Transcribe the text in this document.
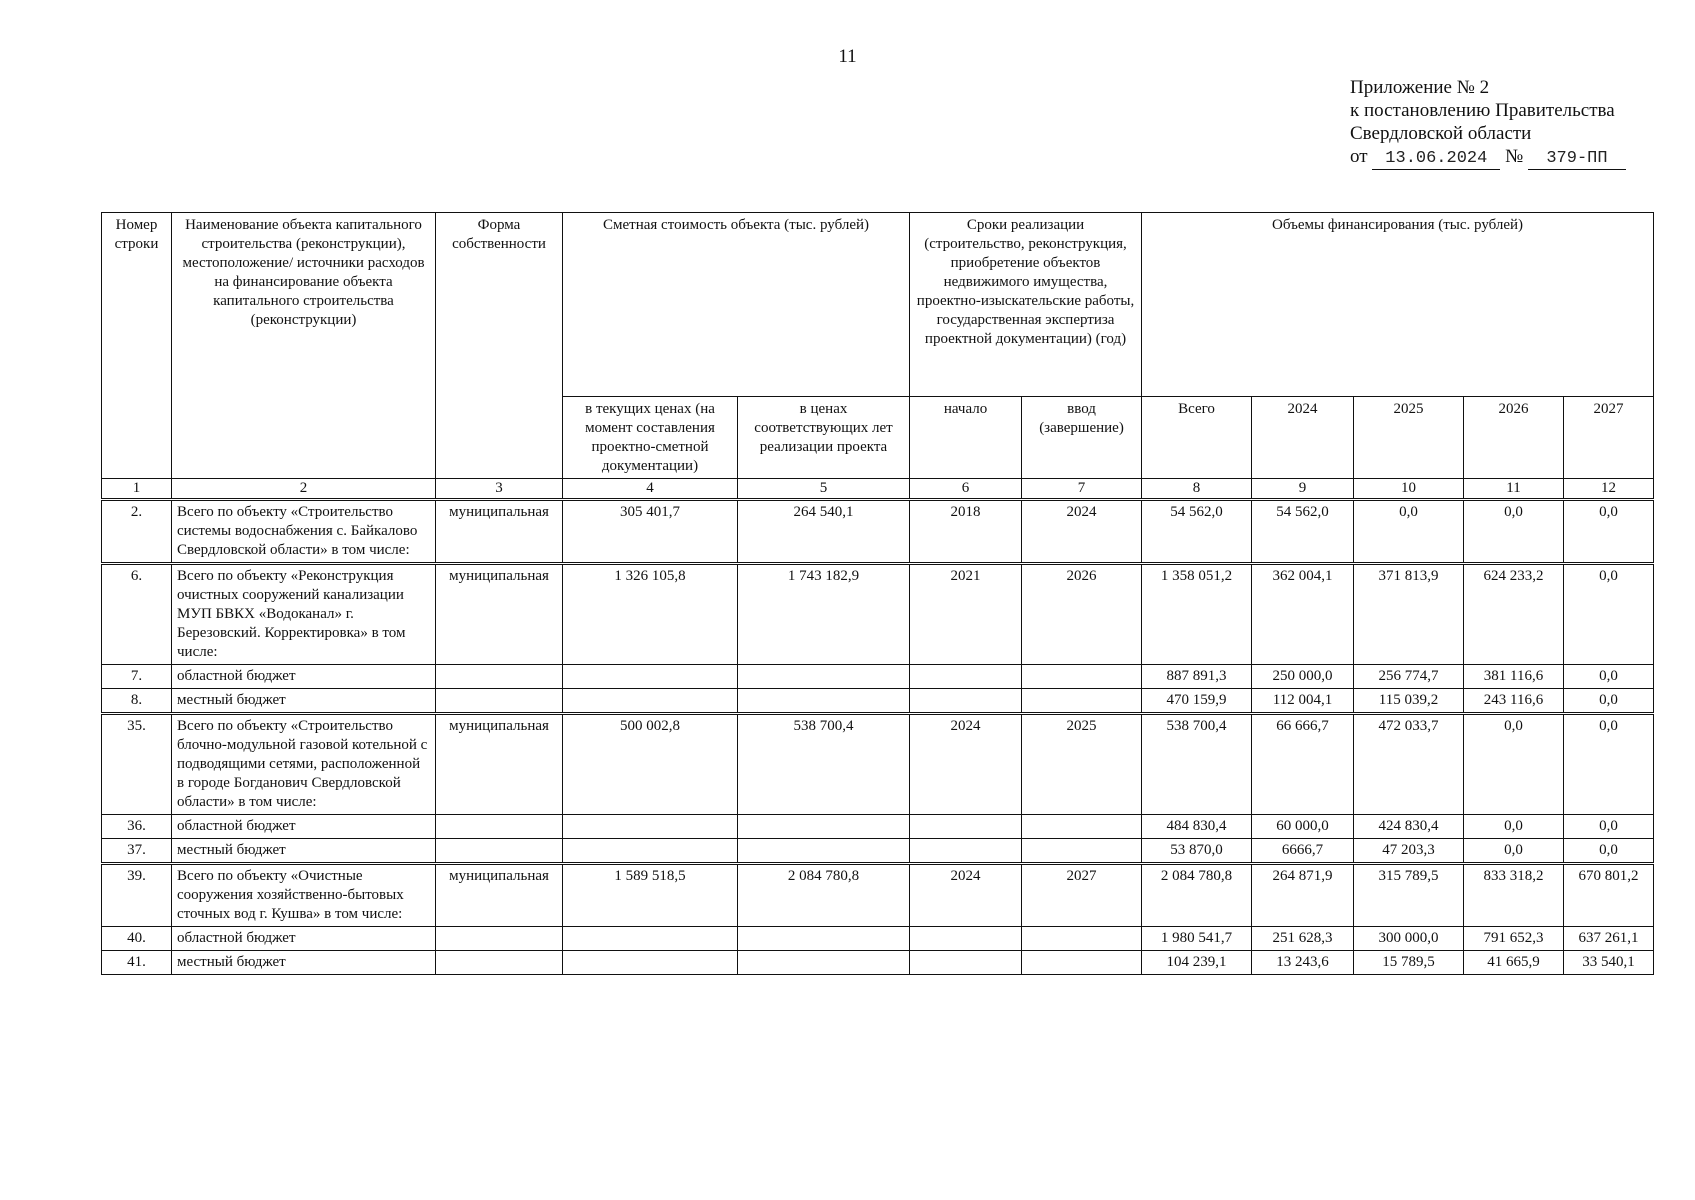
11
Приложение № 2
к постановлению Правительства
Свердловской области
от 13.06.2024 № 379-ПП
Номер строки	Наименование объекта капитального строительства (реконструкции), местоположение/ источники расходов на финансирование объекта капитального строительства (реконструкции)	Форма собственности	Сметная стоимость объекта (тыс. рублей)		Сроки реализации (строительство, реконструкция, приобретение объектов недвижимого имущества, проектно-изыскательские работы, государственная экспертиза проектной документации) (год)		Объемы финансирования (тыс. рублей)				
			в текущих ценах (на момент составления проектно-сметной документации)	в ценах соответствующих лет реализации проекта	начало	ввод (завершение)	Всего	2024	2025	2026	2027
1	2	3	4	5	6	7	8	9	10	11	12
2.	Всего по объекту «Строительство системы водоснабжения с. Байкалово Свердловской области» в том числе:	муниципальная	305 401,7	264 540,1	2018	2024	54 562,0	54 562,0	0,0	0,0	0,0
6.	Всего по объекту «Реконструкция очистных сооружений канализации МУП БВКХ «Водоканал» г. Березовский. Корректировка» в том числе:	муниципальная	1 326 105,8	1 743 182,9	2021	2026	1 358 051,2	362 004,1	371 813,9	624 233,2	0,0
7.	областной бюджет						887 891,3	250 000,0	256 774,7	381 116,6	0,0
8.	местный бюджет						470 159,9	112 004,1	115 039,2	243 116,6	0,0
35.	Всего по объекту «Строительство блочно-модульной газовой котельной с подводящими сетями, расположенной в городе Богданович Свердловской области» в том числе:	муниципальная	500 002,8	538 700,4	2024	2025	538 700,4	66 666,7	472 033,7	0,0	0,0
36.	областной бюджет						484 830,4	60 000,0	424 830,4	0,0	0,0
37.	местный бюджет						53 870,0	6666,7	47 203,3	0,0	0,0
39.	Всего по объекту «Очистные сооружения хозяйственно-бытовых сточных вод г. Кушва» в том числе:	муниципальная	1 589 518,5	2 084 780,8	2024	2027	2 084 780,8	264 871,9	315 789,5	833 318,2	670 801,2
40.	областной бюджет						1 980 541,7	251 628,3	300 000,0	791 652,3	637 261,1
41.	местный бюджет						104 239,1	13 243,6	15 789,5	41 665,9	33 540,1
